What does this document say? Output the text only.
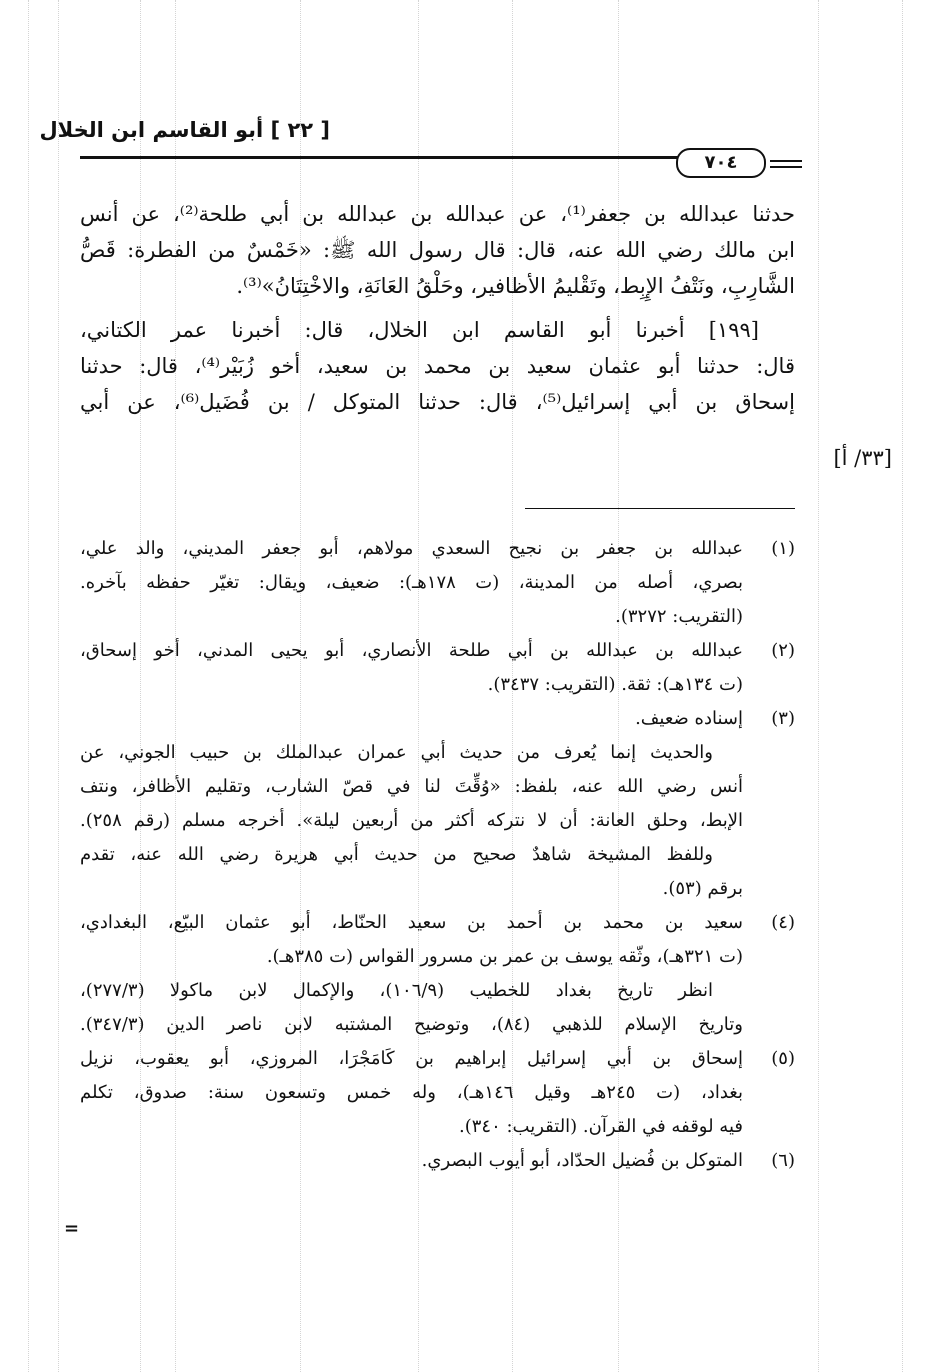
[ ٢٢ ] أبو القاسم ابن الخلال
٧٠٤
حدثنا عبدالله بن جعفر⁽¹⁾، عن عبدالله بن عبدالله بن أبي طلحة⁽²⁾، عن أنس
ابن مالك رضي الله عنه، قال: قال رسول الله ﷺ: «خَمْسٌ من الفطرة: قَصُّ
الشَّارِبِ، ونَتْفُ الإِبِط، وتَقْليمُ الأظافير، وحَلْقُ العَانَةِ، والاخْتِتَانُ»⁽³⁾.
[١٩٩] أخبرنا أبو القاسم ابن الخلال، قال: أخبرنا عمر الكتاني،
قال: حدثنا أبو عثمان سعيد بن محمد بن سعيد، أخو زُبَيْر⁽⁴⁾، قال: حدثنا
إسحاق بن أبي إسرائيل⁽⁵⁾، قال: حدثنا المتوكل / بن فُضَيل⁽⁶⁾، عن أبي
[٣٣/ أ]
(١)
عبدالله بن جعفر بن نجيح السعدي مولاهم، أبو جعفر المديني، والد علي،
بصري، أصله من المدينة، (ت ١٧٨هـ): ضعيف، ويقال: تغيّر حفظه بآخره.
(التقريب: ٣٢٧٢).
(٢)
عبدالله بن عبدالله بن أبي طلحة الأنصاري، أبو يحيى المدني، أخو إسحاق،
(ت ١٣٤هـ): ثقة. (التقريب: ٣٤٣٧).
(٣)
إسناده ضعيف.
والحديث إنما يُعرف من حديث أبي عمران عبدالملك بن حبيب الجوني، عن
أنس رضي الله عنه، بلفظ: «وُقِّتَ لنا في قصّ الشارب، وتقليم الأظافر، ونتف
الإبط، وحلق العانة: أن لا نتركه أكثر من أربعين ليلة». أخرجه مسلم (رقم ٢٥٨).
وللفظ المشيخة شاهدٌ صحيح من حديث أبي هريرة رضي الله عنه، تقدم
برقم (٥٣).
(٤)
سعيد بن محمد بن أحمد بن سعيد الحنّاط، أبو عثمان البيّع، البغدادي،
(ت ٣٢١هـ)، وثّقه يوسف بن عمر بن مسرور القواس (ت ٣٨٥هـ).
انظر تاريخ بغداد للخطيب (١٠٦/٩)، والإكمال لابن ماكولا (٢٧٧/٣)،
وتاريخ الإسلام للذهبي (٨٤)، وتوضيح المشتبه لابن ناصر الدين (٣٤٧/٣).
(٥)
إسحاق بن أبي إسرائيل إبراهيم بن كَامَجْرَا، المروزي، أبو يعقوب، نزيل
بغداد، (ت ٢٤٥هـ وقيل ١٤٦هـ)، وله خمس وتسعون سنة: صدوق، تكلم
فيه لوقفه في القرآن. (التقريب: ٣٤٠).
(٦)
المتوكل بن فُضيل الحدّاد، أبو أيوب البصري.
=
